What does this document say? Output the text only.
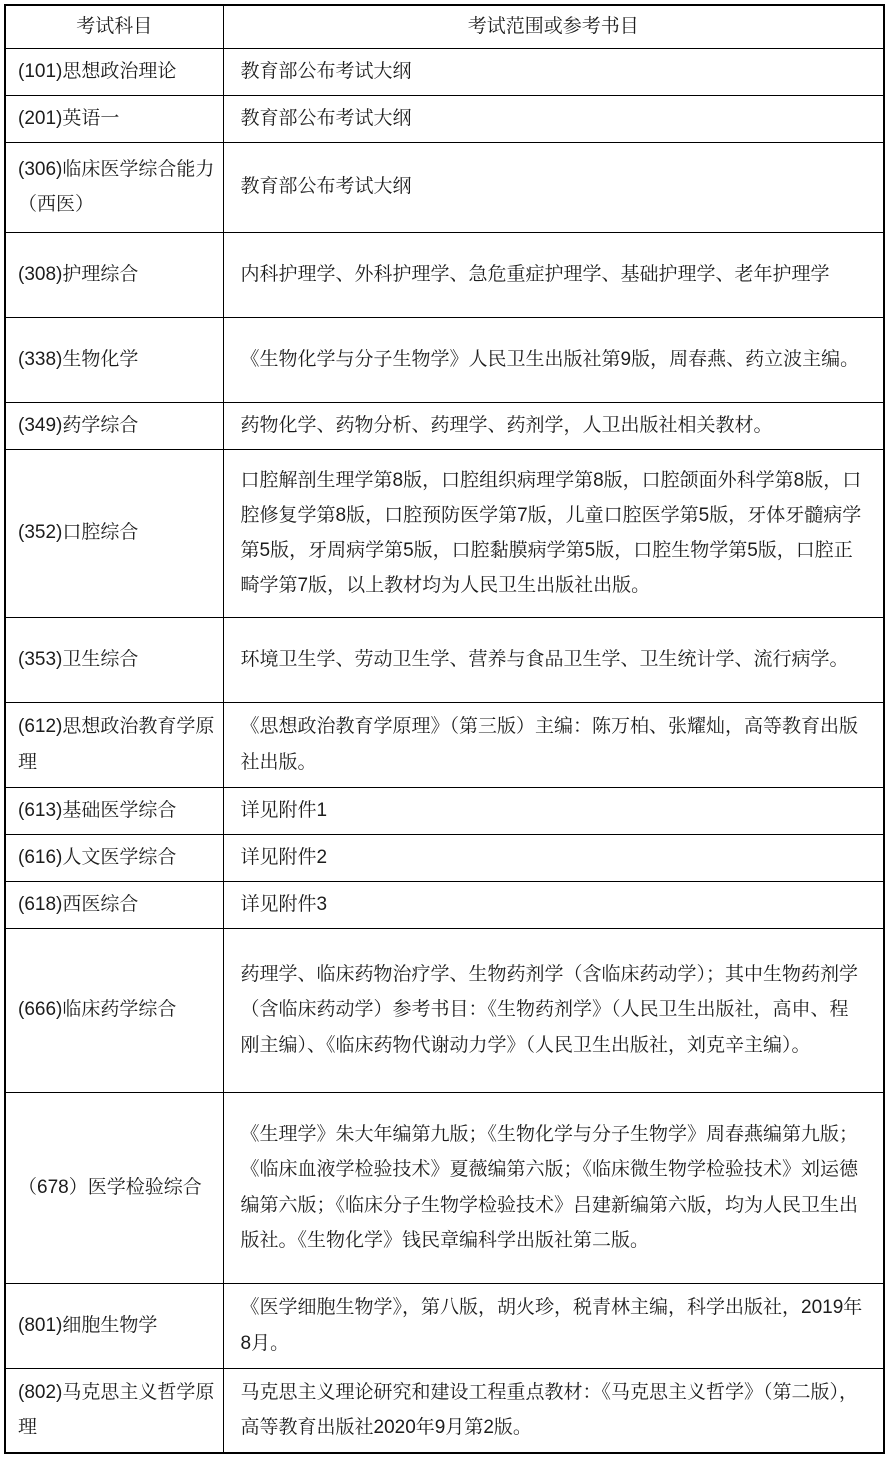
考试科目	考试范围或参考书目
(101)思想政治理论	教育部公布考试大纲
(201)英语一	教育部公布考试大纲
(306)临床医学综合能力（西医）	教育部公布考试大纲
(308)护理综合	内科护理学、外科护理学、急危重症护理学、基础护理学、老年护理学
(338)生物化学	《生物化学与分子生物学》人民卫生出版社第9版，周春燕、药立波主编。
(349)药学综合	药物化学、药物分析、药理学、药剂学，人卫出版社相关教材。
(352)口腔综合	口腔解剖生理学第8版，口腔组织病理学第8版，口腔颌面外科学第8版，口腔修复学第8版，口腔预防医学第7版，儿童口腔医学第5版，牙体牙髓病学第5版，牙周病学第5版，口腔黏膜病学第5版，口腔生物学第5版，口腔正畸学第7版，以上教材均为人民卫生出版社出版。
(353)卫生综合	环境卫生学、劳动卫生学、营养与食品卫生学、卫生统计学、流行病学。
(612)思想政治教育学原理	《思想政治教育学原理》（第三版）主编：陈万柏、张耀灿，高等教育出版社出版。
(613)基础医学综合	详见附件1
(616)人文医学综合	详见附件2
(618)西医综合	详见附件3
(666)临床药学综合	药理学、临床药物治疗学、生物药剂学（含临床药动学）；其中生物药剂学（含临床药动学）参考书目：《生物药剂学》（人民卫生出版社，高申、程刚主编）、《临床药物代谢动力学》（人民卫生出版社，刘克辛主编）。
（678）医学检验综合	《生理学》朱大年编第九版；《生物化学与分子生物学》周春燕编第九版；《临床血液学检验技术》夏薇编第六版；《临床微生物学检验技术》刘运德编第六版；《临床分子生物学检验技术》吕建新编第六版，均为人民卫生出版社。《生物化学》钱民章编科学出版社第二版。
(801)细胞生物学	《医学细胞生物学》，第八版，胡火珍，税青林主编，科学出版社，2019年8月。
(802)马克思主义哲学原理	马克思主义理论研究和建设工程重点教材：《马克思主义哲学》（第二版），高等教育出版社2020年9月第2版。
